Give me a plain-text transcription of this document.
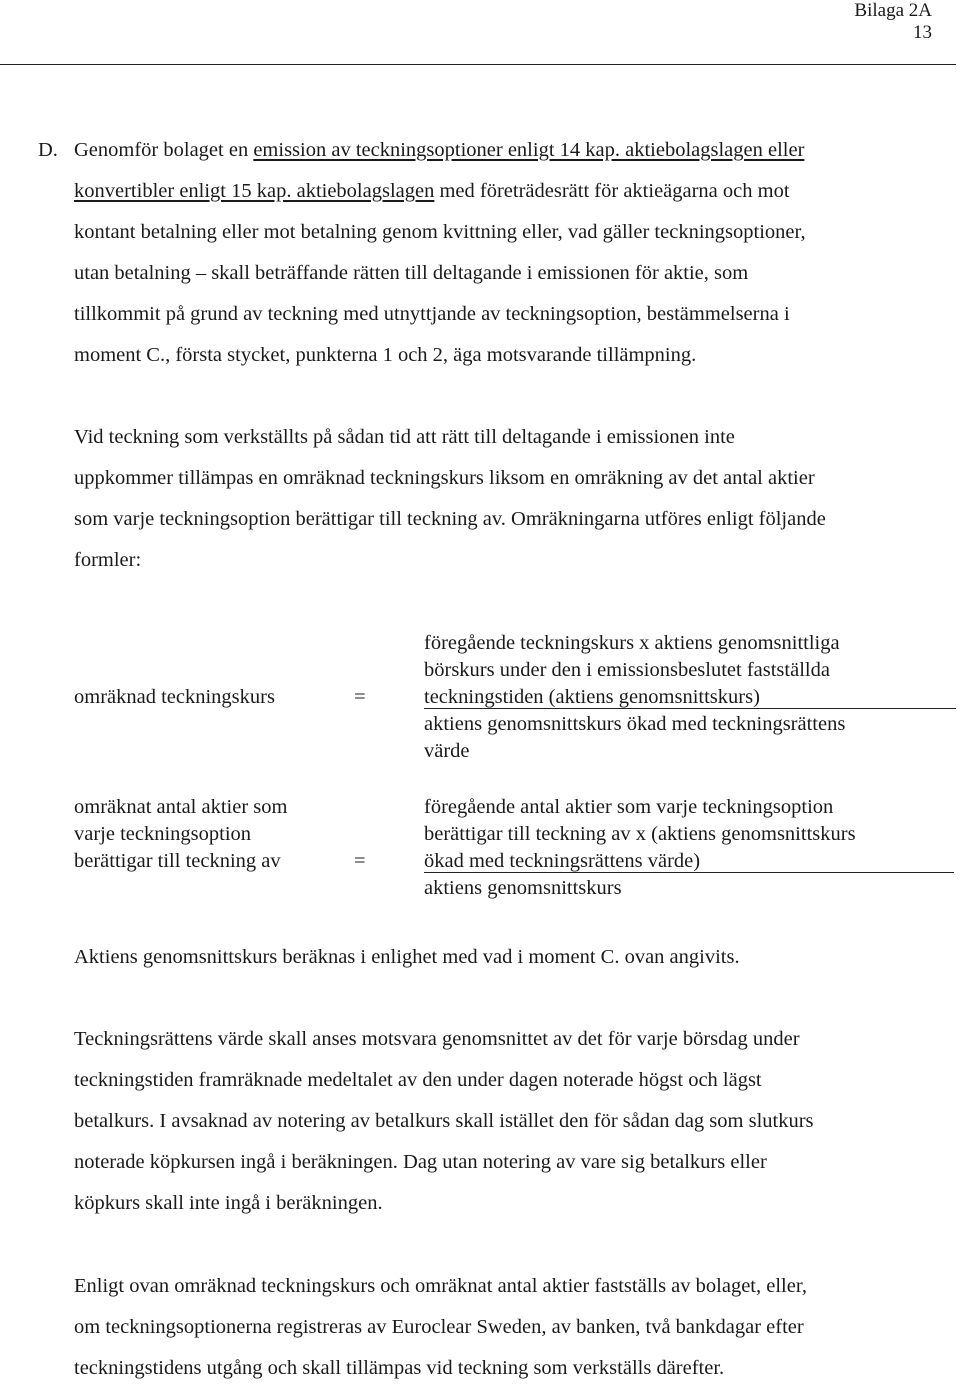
Bilaga 2A
13
D. Genomför bolaget en emission av teckningsoptioner enligt 14 kap. aktiebolagslagen eller
konvertibler enligt 15 kap. aktiebolagslagen med företrädesrätt för aktieägarna och mot
kontant betalning eller mot betalning genom kvittning eller, vad gäller teckningsoptioner,
utan betalning – skall beträffande rätten till deltagande i emissionen för aktie, som
tillkommit på grund av teckning med utnyttjande av teckningsoption, bestämmelserna i
moment C., första stycket, punkterna 1 och 2, äga motsvarande tillämpning.
Vid teckning som verkställts på sådan tid att rätt till deltagande i emissionen inte
uppkommer tillämpas en omräknad teckningskurs liksom en omräkning av det antal aktier
som varje teckningsoption berättigar till teckning av. Omräkningarna utföres enligt följande
formler:
föregående teckningskurs x aktiens genomsnittliga
börskurs under den i emissionsbeslutet fastställda
teckningstiden (aktiens genomsnittskurs)
aktiens genomsnittskurs ökad med teckningsrättens
värde
omräknad teckningskurs	=
omräknat antal aktier som
varje teckningsoption
berättigar till teckning av	=
föregående antal aktier som varje teckningsoption
berättigar till teckning av x (aktiens genomsnittskurs
ökad med teckningsrättens värde)
aktiens genomsnittskurs
Aktiens genomsnittskurs beräknas i enlighet med vad i moment C. ovan angivits.
Teckningsrättens värde skall anses motsvara genomsnittet av det för varje börsdag under
teckningstiden framräknade medeltalet av den under dagen noterade högst och lägst
betalkurs. I avsaknad av notering av betalkurs skall istället den för sådan dag som slutkurs
noterade köpkursen ingå i beräkningen. Dag utan notering av vare sig betalkurs eller
köpkurs skall inte ingå i beräkningen.
Enligt ovan omräknad teckningskurs och omräknat antal aktier fastställs av bolaget, eller,
om teckningsoptionerna registreras av Euroclear Sweden, av banken, två bankdagar efter
teckningstidens utgång och skall tillämpas vid teckning som verkställs därefter.
